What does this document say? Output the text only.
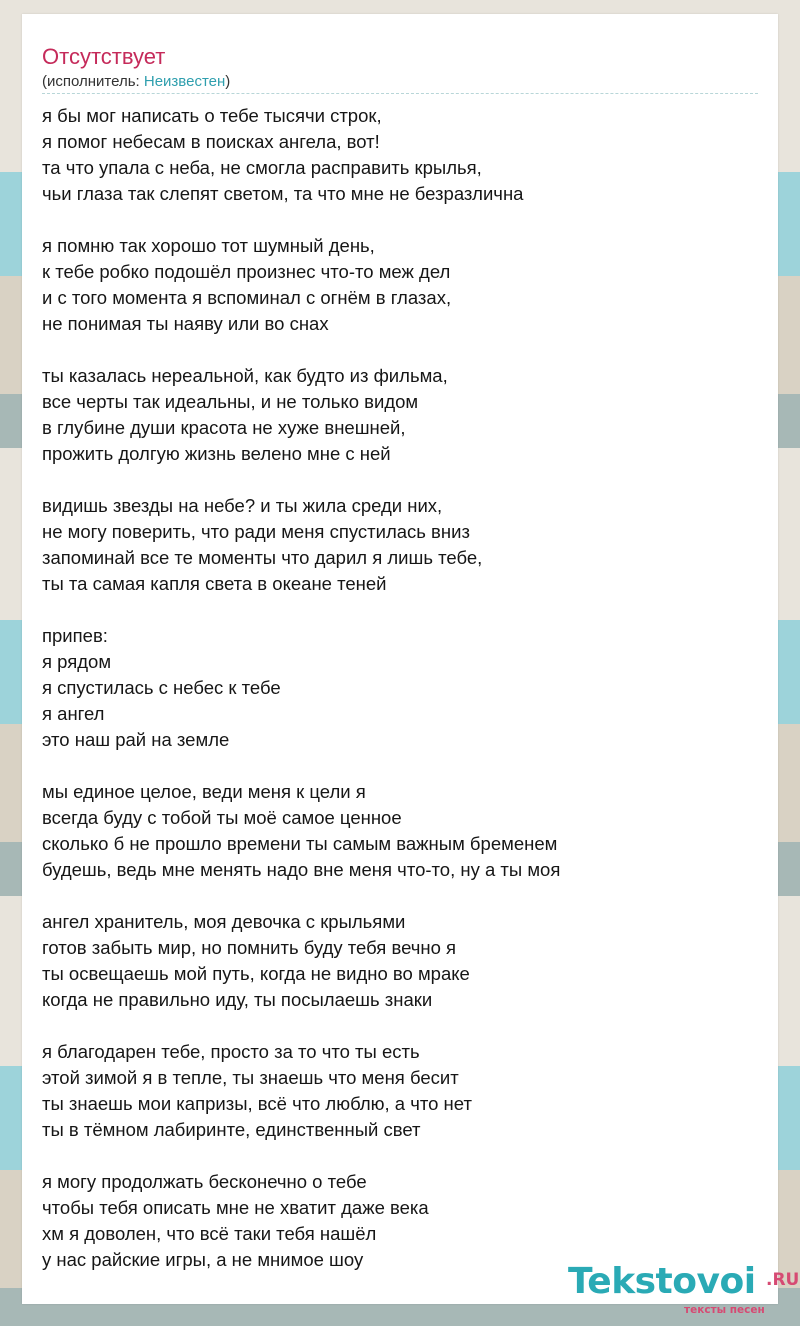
Отсутствует
(исполнитель: Неизвестен)
я бы мог написать о тебе тысячи строк,
я помог небесам в поисках ангела, вот!
та что упала с неба, не смогла расправить крылья,
чьи глаза так слепят светом, та что мне не безразлична
я помню так хорошо тот шумный день,
к тебе робко подошёл произнес что-то меж дел
и с того момента я вспоминал с огнём в глазах,
не понимая ты наяву или во снах
ты казалась нереальной, как будто из фильма,
все черты так идеальны, и не только видом
в глубине души красота не хуже внешней,
прожить долгую жизнь велено мне с ней
видишь звезды на небе? и ты жила среди них,
не могу поверить, что ради меня спустилась вниз
запоминай все те моменты что дарил я лишь тебе,
ты та самая капля света в океане теней
припев:
я рядом
я спустилась с небес к тебе
я ангел
это наш рай на земле
мы единое целое, веди меня к цели я
всегда буду с тобой ты моё самое ценное
сколько б не прошло времени ты самым важным бременем
будешь, ведь мне менять надо вне меня что-то, ну а ты моя
ангел хранитель, моя девочка с крыльями
готов забыть мир, но помнить буду тебя вечно я
ты освещаешь мой путь, когда не видно во мраке
когда не правильно иду, ты посылаешь знаки
я благодарен тебе, просто за то что ты есть
этой зимой я в тепле, ты знаешь что меня бесит
ты знаешь мои капризы, всё что люблю, а что нет
ты в тёмном лабиринте, единственный свет
я могу продолжать бесконечно о тебе
чтобы тебя описать мне не хватит даже века
хм я доволен, что всё таки тебя нашёл
у нас райские игры, а не мнимое шоу
Tekstovoi .RU
тексты песен
